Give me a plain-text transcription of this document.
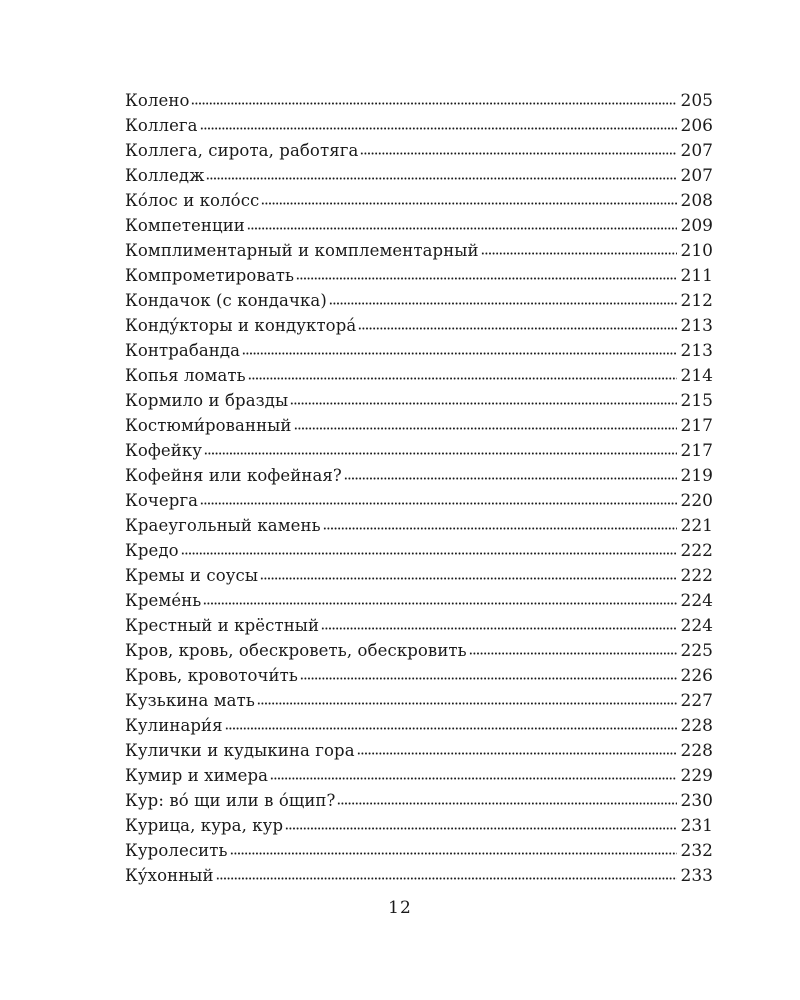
Колено	205
Коллега	206
Коллега, сирота, работяга	207
Колледж	207
Ко́лос и коло́сс	208
Компетенции	209
Комплиментарный и комплементарный	210
Компрометировать	211
Кондачок (с кондачка)	212
Конду́кторы и кондуктора́	213
Контрабанда	213
Копья ломать	214
Кормило и бразды	215
Костюми́рованный	217
Кофейку	217
Кофейня или кофейная?	219
Кочерга	220
Краеугольный камень	221
Кредо	222
Кремы и соусы	222
Креме́нь	224
Крестный и крёстный	224
Кров, кровь, обескроветь, обескровить	225
Кровь, кровоточи́ть	226
Кузькина мать	227
Кулинари́я	228
Кулички и кудыкина гора	228
Кумир и химера	229
Кур: во́ щи или в о́щип?	230
Курица, кура, кур	231
Куролесить	232
Ку́хонный	233
12
